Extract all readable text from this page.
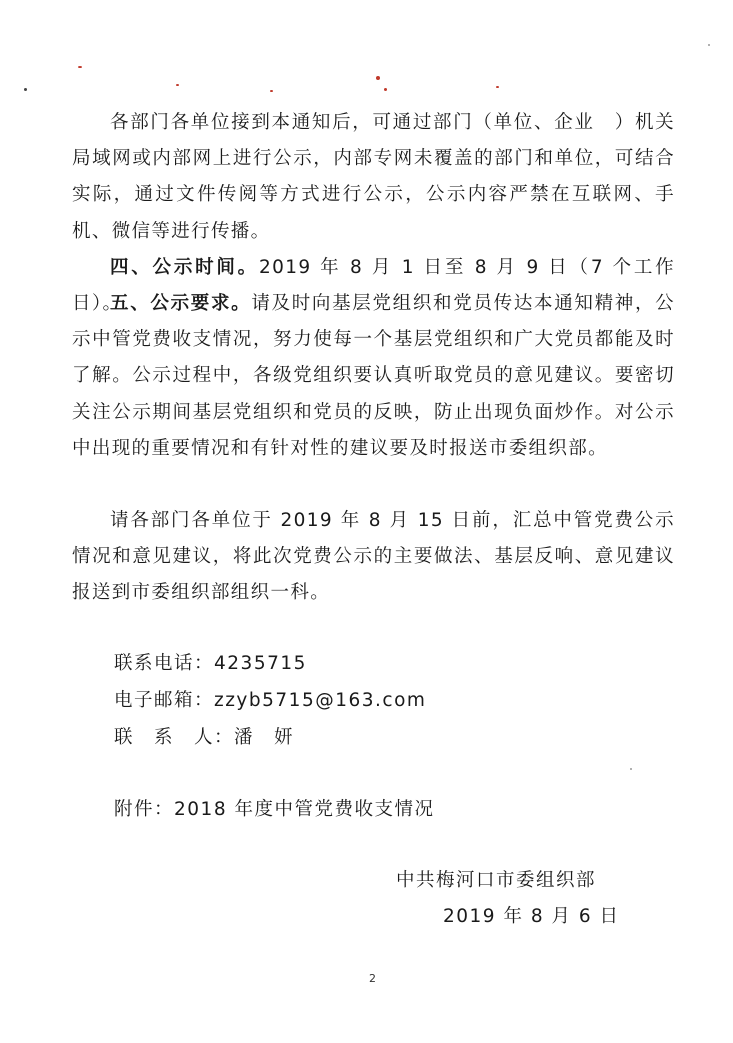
各部门各单位接到本通知后，可通过部门（单位、企业　）机关局域网或内部网上进行公示，内部专网未覆盖的部门和单位，可结合实际，通过文件传阅等方式进行公示，公示内容严禁在互联网、手机、微信等进行传播。

四、公示时间。2019 年 8 月 1 日至 8 月 9 日（7 个工作日）。

五、公示要求。请及时向基层党组织和党员传达本通知精神，公示中管党费收支情况，努力使每一个基层党组织和广大党员都能及时了解。公示过程中，各级党组织要认真听取党员的意见建议。要密切关注公示期间基层党组织和党员的反映，防止出现负面炒作。对公示中出现的重要情况和有针对性的建议要及时报送市委组织部。

请各部门各单位于 2019 年 8 月 15 日前，汇总中管党费公示情况和意见建议，将此次党费公示的主要做法、基层反响、意见建议报送到市委组织部组织一科。

联系电话：4235715

电子邮箱：zzyb5715@163.com

联　系　人：潘　妍

附件：2018 年度中管党费收支情况

中共梅河口市委组织部

2019 年 8 月 6 日

2
